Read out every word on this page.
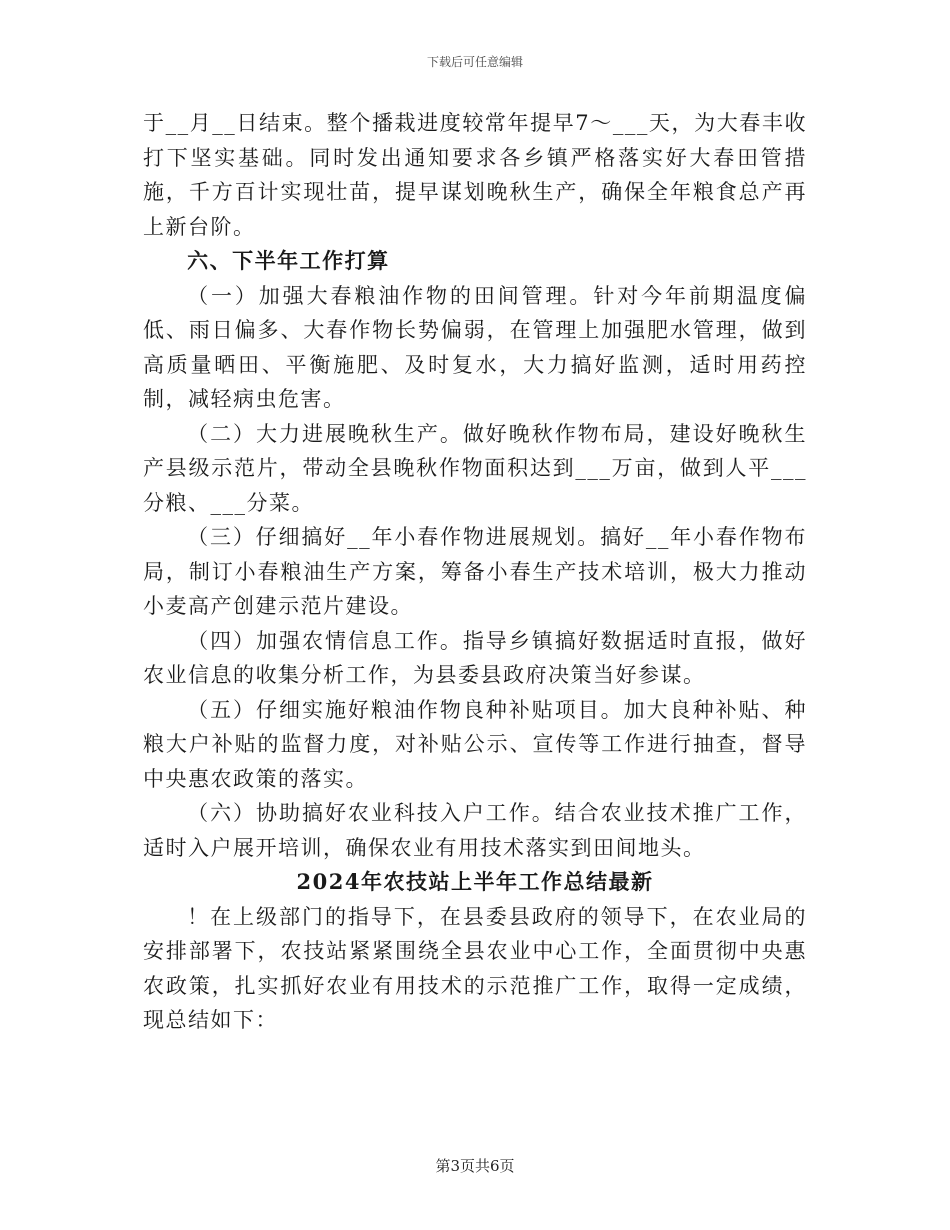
下载后可任意编辑

于__月__日结束。整个播栽进度较常年提早7～___天，为大春丰收打下坚实基础。同时发出通知要求各乡镇严格落实好大春田管措施，千方百计实现壮苗，提早谋划晚秋生产，确保全年粮食总产再上新台阶。

六、下半年工作打算

（一）加强大春粮油作物的田间管理。针对今年前期温度偏低、雨日偏多、大春作物长势偏弱，在管理上加强肥水管理，做到高质量晒田、平衡施肥、及时复水，大力搞好监测，适时用药控制，减轻病虫危害。

（二）大力进展晚秋生产。做好晚秋作物布局，建设好晚秋生产县级示范片，带动全县晚秋作物面积达到___万亩，做到人平___分粮、___分菜。

（三）仔细搞好__年小春作物进展规划。搞好__年小春作物布局，制订小春粮油生产方案，筹备小春生产技术培训，极大力推动小麦高产创建示范片建设。

（四）加强农情信息工作。指导乡镇搞好数据适时直报，做好农业信息的收集分析工作，为县委县政府决策当好参谋。

（五）仔细实施好粮油作物良种补贴项目。加大良种补贴、种粮大户补贴的监督力度，对补贴公示、宣传等工作进行抽查，督导中央惠农政策的落实。

（六）协助搞好农业科技入户工作。结合农业技术推广工作，适时入户展开培训，确保农业有用技术落实到田间地头。

2024年农技站上半年工作总结最新

！在上级部门的指导下，在县委县政府的领导下，在农业局的安排部署下，农技站紧紧围绕全县农业中心工作，全面贯彻中央惠农政策，扎实抓好农业有用技术的示范推广工作，取得一定成绩，现总结如下：

第3页共6页
